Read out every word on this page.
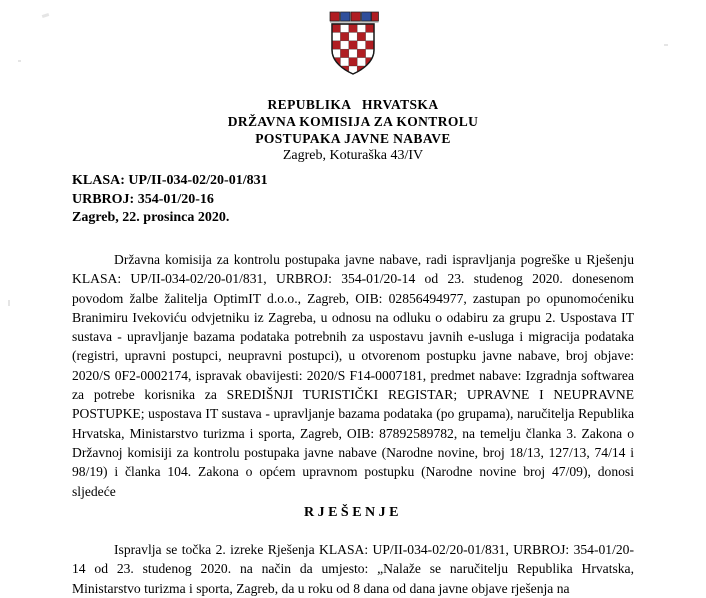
REPUBLIKA   HRVATSKA
DRŽAVNA KOMISIJA ZA KONTROLU
POSTUPAKA JAVNE NABAVE
Zagreb, Koturaška 43/IV
KLASA: UP/II-034-02/20-01/831
URBROJ: 354-01/20-16
Zagreb, 22. prosinca 2020.

Državna komisija za kontrolu postupaka javne nabave, radi ispravljanja pogreške u Rješenju KLASA: UP/II-034-02/20-01/831, URBROJ: 354-01/20-14 od 23. studenog 2020. donesenom povodom žalbe žalitelja OptimIT d.o.o., Zagreb, OIB: 02856494977, zastupan po opunomoćeniku Branimiru Ivekoviću odvjetniku iz Zagreba, u odnosu na odluku o odabiru za grupu 2. Uspostava IT sustava - upravljanje bazama podataka potrebnih za uspostavu javnih e-usluga i migracija podataka (registri, upravni postupci, neupravni postupci), u otvorenom postupku javne nabave, broj objave: 2020/S 0F2-0002174, ispravak obavijesti: 2020/S F14-0007181, predmet nabave: Izgradnja softwarea za potrebe korisnika za SREDIŠNJI TURISTIČKI REGISTAR; UPRAVNE I NEUPRAVNE POSTUPKE; uspostava IT sustava - upravljanje bazama podataka (po grupama), naručitelja Republika Hrvatska, Ministarstvo turizma i sporta, Zagreb, OIB: 87892589782, na temelju članka 3. Zakona o Državnoj komisiji za kontrolu postupaka javne nabave (Narodne novine, broj 18/13, 127/13, 74/14 i 98/19) i članka 104. Zakona o općem upravnom postupku (Narodne novine broj 47/09), donosi sljedeće

RJEŠENJE

Ispravlja se točka 2. izreke Rješenja KLASA: UP/II-034-02/20-01/831, URBROJ: 354-01/20-14 od 23. studenog 2020. na način da umjesto: „Nalaže se naručitelju Republika Hrvatska, Ministarstvo turizma i sporta, Zagreb, da u roku od 8 dana od dana javne objave rješenja na
